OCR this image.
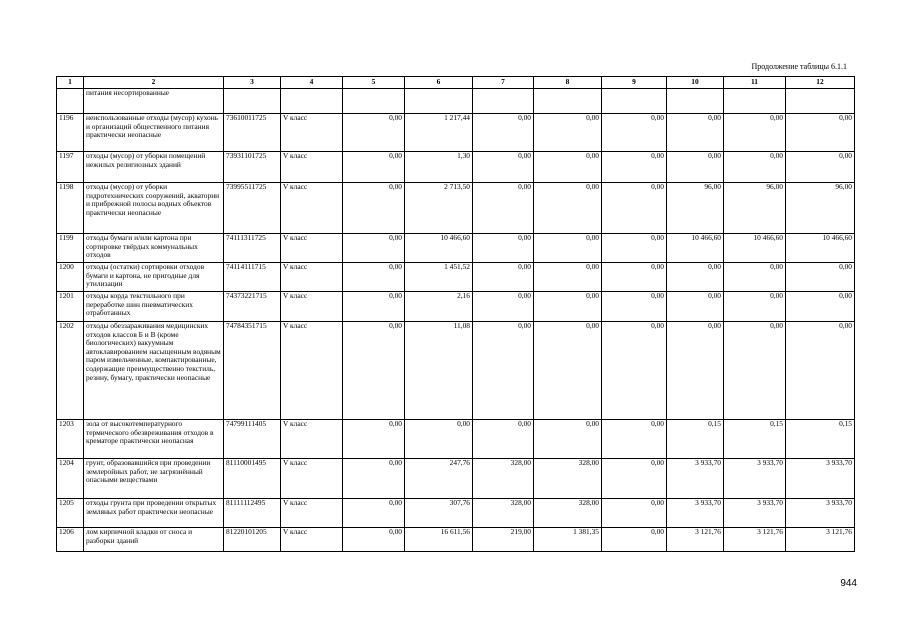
Продолжение таблицы 6.1.1
1	2	3	4	5	6	7	8	9	10	11	12
	питания несортированные										
1196	неиспользованные отходы (мусор) кухонь и организаций общественного питания практически неопасные	73610011725	V класс	0,00	1 217,44	0,00	0,00	0,00	0,00	0,00	0,00
1197	отходы (мусор) от уборки помещений нежилых религиозных зданий	73931101725	V класс	0,00	1,30	0,00	0,00	0,00	0,00	0,00	0,00
1198	отходы (мусор) от уборки гидротехнических сооружений, акватории и прибрежной полосы водных объектов практически неопасные	73995511725	V класс	0,00	2 713,50	0,00	0,00	0,00	96,00	96,00	96,00
1199	отходы бумаги и/или картона при сортировке твёрдых коммунальных отходов	74111311725	V класс	0,00	10 466,60	0,00	0,00	0,00	10 466,60	10 466,60	10 466,60
1200	отходы (остатки) сортировки отходов бумаги и картона, не пригодные для утилизации	74114111715	V класс	0,00	1 451,52	0,00	0,00	0,00	0,00	0,00	0,00
1201	отходы корда текстильного при переработке шин пневматических отработанных	74373221715	V класс	0,00	2,16	0,00	0,00	0,00	0,00	0,00	0,00
1202	отходы обеззараживания медицинских отходов классов Б и В (кроме биологических) вакуумным автоклавированием насыщенным водяным паром измельченные, компактированные, содержащие преимущественно текстиль, резину, бумагу, практически неопасные	74784351715	V класс	0,00	11,08	0,00	0,00	0,00	0,00	0,00	0,00
1203	зола от высокотемпературного термического обезвреживания отходов в крематоре практически неопасная	74799111405	V класс	0,00	0,00	0,00	0,00	0,00	0,15	0,15	0,15
1204	грунт, образовавшийся при проведении землеройных работ, не загрязнённый опасными веществами	81110001495	V класс	0,00	247,76	328,00	328,00	0,00	3 933,70	3 933,70	3 933,70
1205	отходы грунта при проведении открытых земляных работ практически неопасные	81111112495	V класс	0,00	307,76	328,00	328,00	0,00	3 933,70	3 933,70	3 933,70
1206	лом кирпичной кладки от сноса и разборки зданий	81220101205	V класс	0,00	16 611,56	219,00	1 381,35	0,00	3 121,76	3 121,76	3 121,76
944
